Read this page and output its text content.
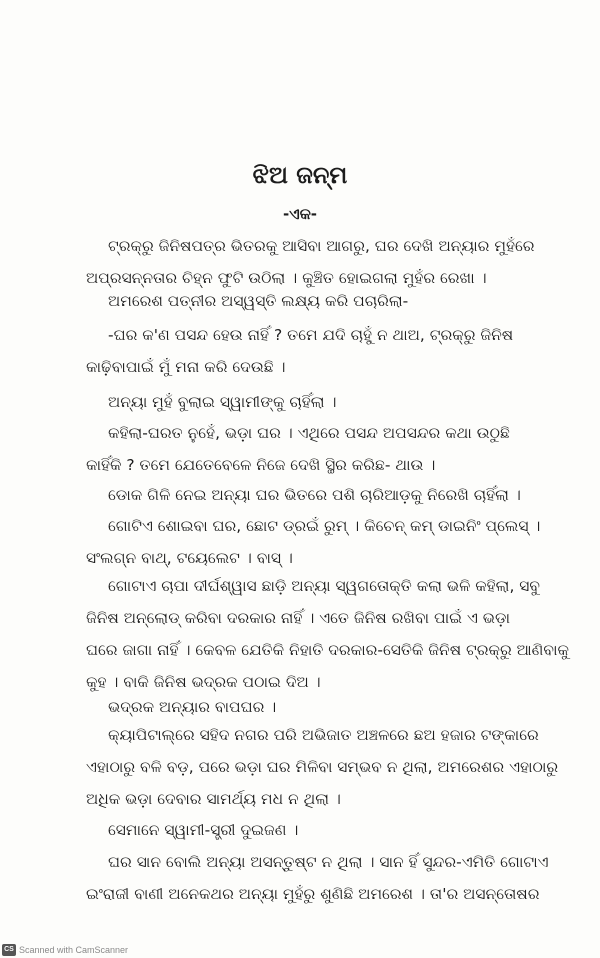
ଝିଅ ଜନ୍ମ
-ଏକ-
ଟ୍ରକ୍‌ରୁ ଜିନିଷପତ୍ର ଭିତରକୁ ଆସିବା ଆଗରୁ, ଘର ଦେଖି ଅନ୍ୟାର ମୁହଁରେ
ଅପ୍ରସନ୍ନତାର ଚିହ୍ନ ଫୁଟି ଉଠିଲା । କୁଞ୍ଚିତ ହୋଇଗଲା ମୁହଁର ରେଖା ।
ଅମରେଶ ପତ୍ନୀର ଅସ୍ୱସ୍ତି ଲକ୍ଷ୍ୟ କରି ପଚାରିଲା-
-ଘର କ'ଣ ପସନ୍ଦ ହେଉ ନାହିଁ ? ତମେ ଯଦି ଚାହୁଁ ନ ଥାଅ, ଟ୍ରକ୍‌ରୁ ଜିନିଷ
କାଢ଼ିବାପାଇଁ ମୁଁ ମନା କରି ଦେଉଛି ।
ଅନ୍ୟା ମୁହଁ ବୁଲାଇ ସ୍ୱାମୀଙ୍କୁ ଚାହିଁଲା ।
କହିଲା-ଘରତ ନୁହେଁ, ଭଡ଼ା ଘର । ଏଥିରେ ପସନ୍ଦ ଅପସନ୍ଦର କଥା ଉଠୁଛି
କାହିଁକି ? ତମେ ଯେତେବେଳେ ନିଜେ ଦେଖି ସ୍ଥିର କରିଛ- ଥାଉ ।
ଡୋକ ଗିଳି ନେଇ ଅନ୍ୟା ଘର ଭିତରେ ପଶି ଚାରିଆଡ଼କୁ ନିରେଖି ଚାହିଁଲା ।
ଗୋଟିଏ ଶୋଇବା ଘର, ଛୋଟ ଡ୍ରଇଁ ରୁମ୍ । କିଚେନ୍ କମ୍ ଡାଇନିଂ ପ୍ଲେସ୍ ।
ସଂଲଗ୍ନ ବାଥ୍, ଟୟେଲେଟ । ବାସ୍ ।
ଗୋଟାଏ ଚାପା ଦୀର୍ଘଶ୍ୱାସ ଛାଡ଼ି ଅନ୍ୟା ସ୍ୱଗତୋକ୍ତି କଲା ଭଳି କହିଲା, ସବୁ
ଜିନିଷ ଅନ୍‌ଲୋଡ୍ କରିବା ଦରକାର ନାହିଁ । ଏତେ ଜିନିଷ ରଖିବା ପାଇଁ ଏ ଭଡ଼ା
ଘରେ ଜାଗା ନାହିଁ । କେବଳ ଯେତିକି ନିହାତି ଦରକାର-ସେତିକି ଜିନିଷ ଟ୍ରକ୍‌ରୁ ଆଣିବାକୁ
କୁହ । ବାକି ଜିନିଷ ଭଦ୍ରକ ପଠାଇ ଦିଅ ।
ଭଦ୍ରକ ଅନ୍ୟାର ବାପଘର ।
କ୍ୟାପିଟାଲ୍‌ରେ ସହିଦ ନଗର ପରି ଅଭିଜାତ ଅଞ୍ଚଳରେ ଛଅ ହଜାର ଟଙ୍କାରେ
ଏହାଠାରୁ ବଳି ବଡ଼, ପରେ ଭଡ଼ା ଘର ମିଳିବା ସମ୍ଭବ ନ ଥିଲା, ଅମରେଶର ଏହାଠାରୁ
ଅଧିକ ଭଡ଼ା ଦେବାର ସାମର୍ଥ୍ୟ ମଧ ନ ଥିଲା ।
ସେମାନେ ସ୍ୱାମୀ-ସ୍ତ୍ରୀ ଦୁଇଜଣ ।
ଘର ସାନ ବୋଲି ଅନ୍ୟା ଅସନ୍ତୁଷ୍ଟ ନ ଥିଲା । ସାନ ହିଁ ସୁନ୍ଦର-ଏମିତି ଗୋଟାଏ
ଇଂରାଜୀ ବାଣୀ ଅନେକଥର ଅନ୍ୟା ମୁହଁରୁ ଶୁଣିଛି ଅମରେଶ । ତା'ର ଅସନ୍ତୋଷର
CS Scanned with CamScanner
